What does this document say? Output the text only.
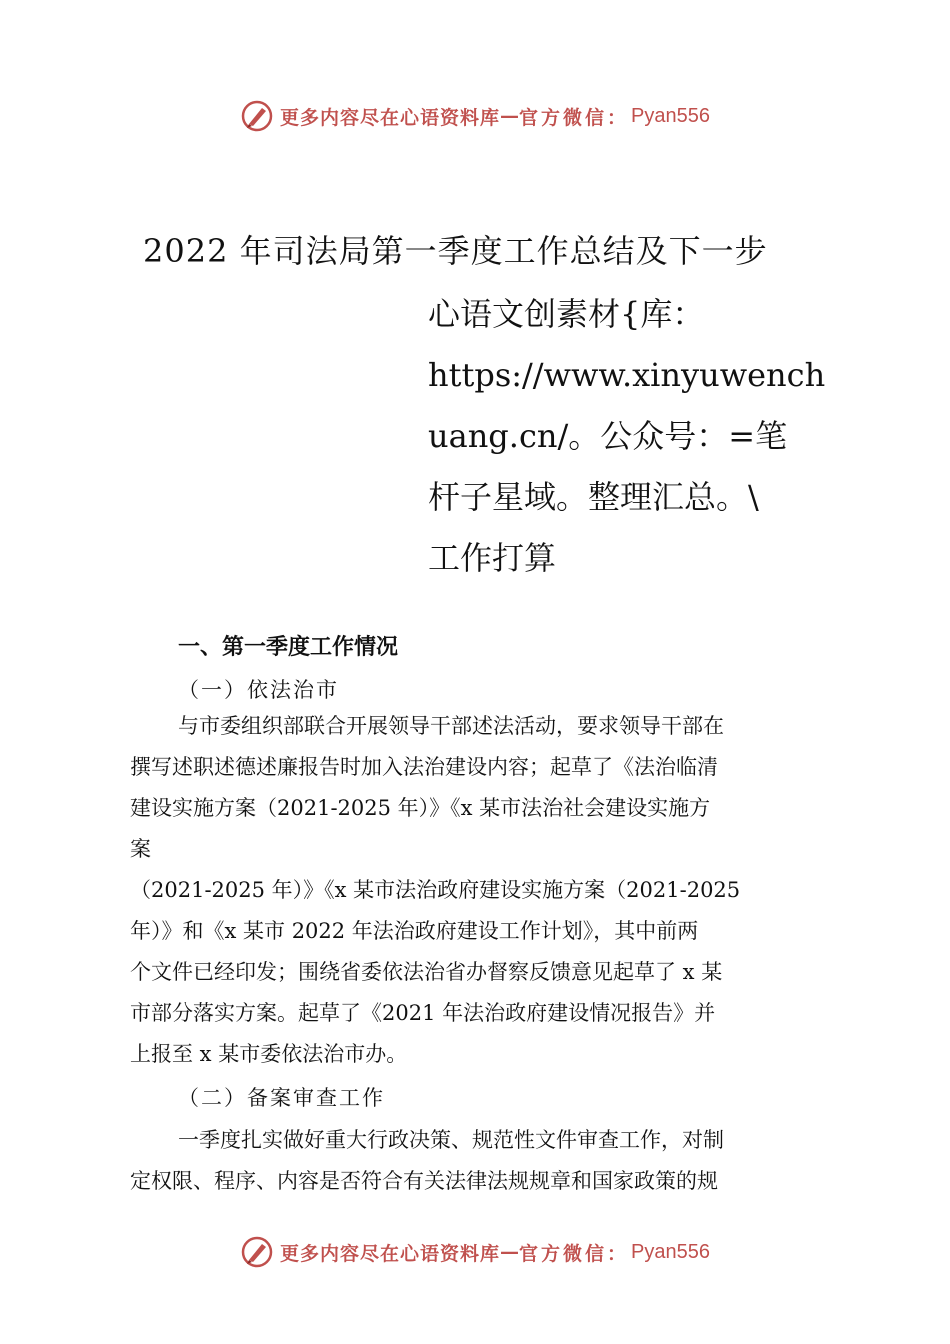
更多内容尽在心语资料库 — 官方微信： Pyan556
2022 年司法局第一季度工作总结及下一步
心语文创素材{库：
https://www.xinyuwench
uang.cn/。公众号：=笔
杆子星域。整理汇总。\
工作打算
一、第一季度工作情况
（一）依法治市
与市委组织部联合开展领导干部述法活动，要求领导干部在
撰写述职述德述廉报告时加入法治建设内容；起草了《法治临清
建设实施方案（2021-2025 年）》《x 某市法治社会建设实施方
案
（2021-2025 年）》《x 某市法治政府建设实施方案（2021-2025
年）》和《x 某市 2022 年法治政府建设工作计划》，其中前两
个文件已经印发；围绕省委依法治省办督察反馈意见起草了 x 某
市部分落实方案。起草了《2021 年法治政府建设情况报告》并
上报至 x 某市委依法治市办。
（二）备案审查工作
一季度扎实做好重大行政决策、规范性文件审查工作，对制
定权限、程序、内容是否符合有关法律法规规章和国家政策的规
更多内容尽在心语资料库 — 官方微信： Pyan556
